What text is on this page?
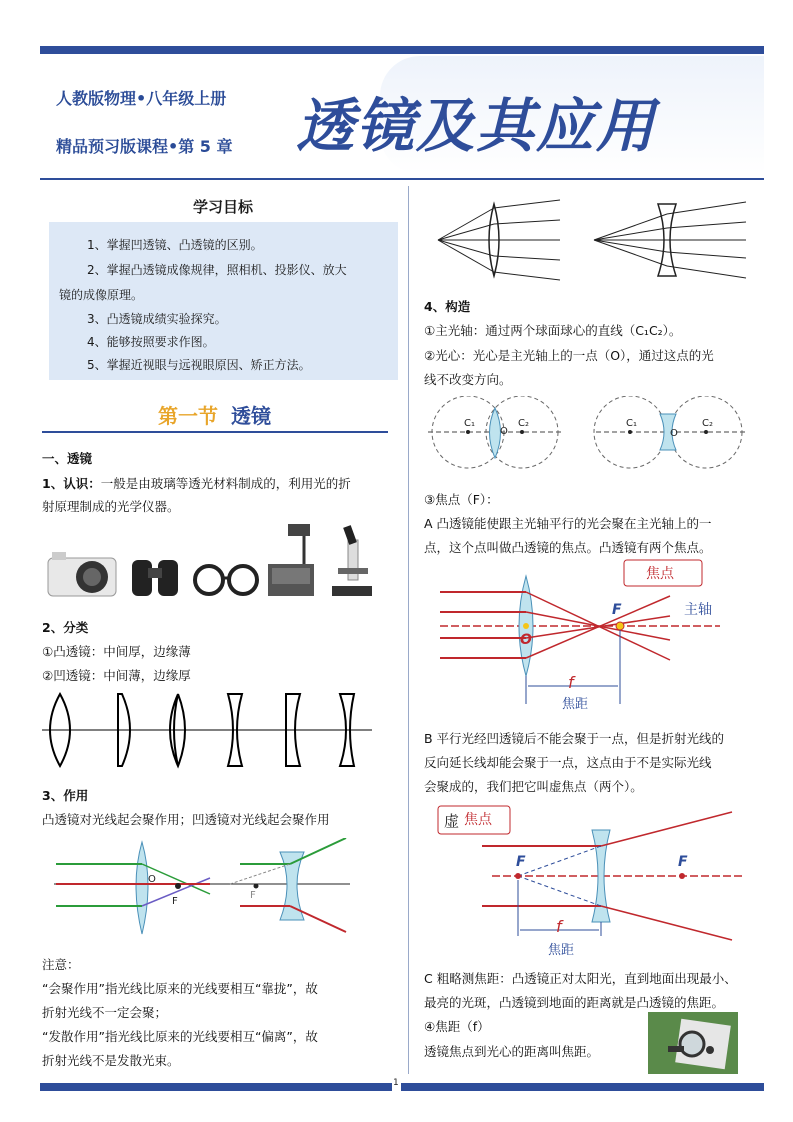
人教版物理•八年级上册
精品预习版课程•第 5 章 透镜及其应用
学习目标
1、掌握凹透镜、凸透镜的区别。
2、掌握凸透镜成像规律，照相机、投影仪、放大
镜的成像原理。
3、凸透镜成绩实验探究。
4、能够按照要求作图。
5、掌握近视眼与远视眼原因、矫正方法。
第一节 透镜
一、透镜
1、认识：一般是由玻璃等透光材料制成的，利用光的折
射原理制成的光学仪器。
2、分类
①凸透镜：中间厚，边缘薄
②凹透镜：中间薄，边缘厚
3、作用
凸透镜对光线起会聚作用；凹透镜对光线起会聚作用
O
F
F
注意：
“会聚作用”指光线比原来的光线要相互“靠拢”，故
折射光线不一定会聚；
“发散作用”指光线比原来的光线要相互“偏离”，故
折射光线不是发散光束。
4、构造
①主光轴：通过两个球面球心的直线（C₁C₂）。
②光心：光心是主光轴上的一点（O），通过这点的光
线不改变方向。
C₁
O
C₂	C₁
O
C₂
③焦点（F）：
A 凸透镜能使跟主光轴平行的光会聚在主光轴上的一
点，这个点叫做凸透镜的焦点。凸透镜有两个焦点。
焦点
F	主轴
O
f
焦距
B 平行光经凹透镜后不能会聚于一点，但是折射光线的
反向延长线却能会聚于一点，这点由于不是实际光线
会聚成的，我们把它叫虚焦点（两个）。
虚 焦点
F	F
f
焦距
C 粗略测焦距：凸透镜正对太阳光，直到地面出现最小、
最亮的光斑，凸透镜到地面的距离就是凸透镜的焦距。
④焦距（f）
透镜焦点到光心的距离叫焦距。
1
